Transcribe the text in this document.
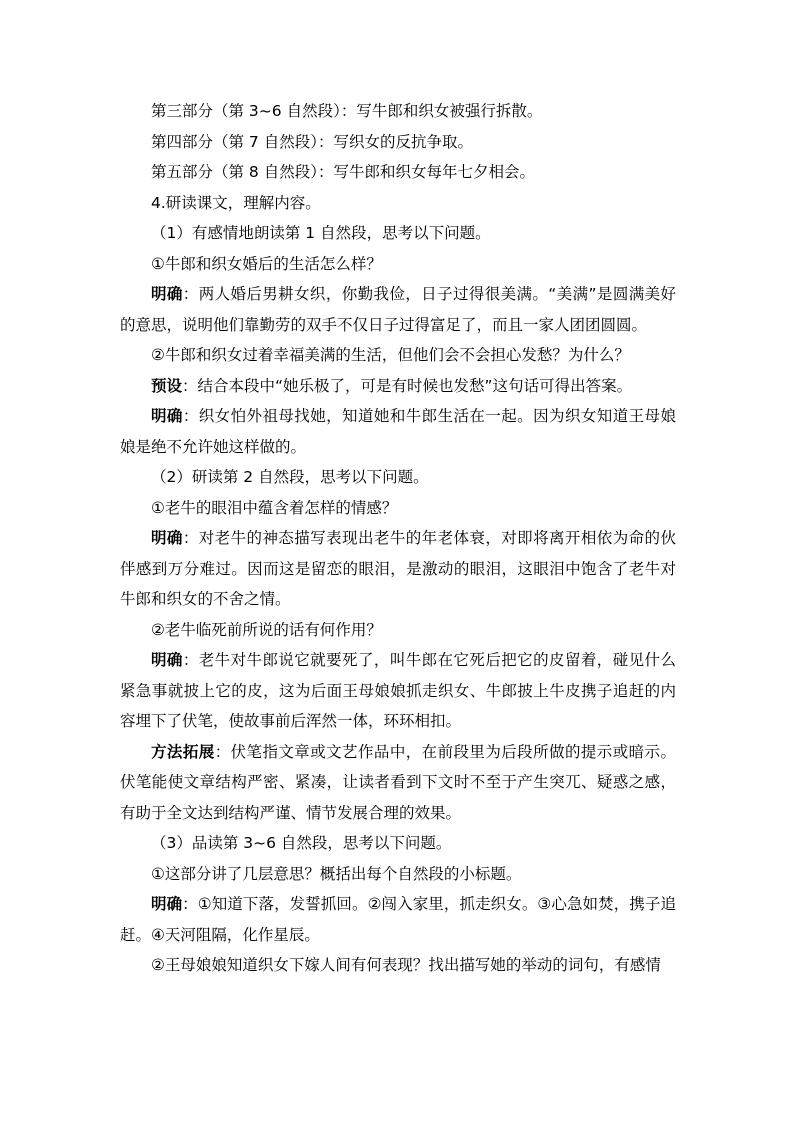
第三部分（第 3~6 自然段）：写牛郎和织女被强行拆散。

第四部分（第 7 自然段）：写织女的反抗争取。

第五部分（第 8 自然段）：写牛郎和织女每年七夕相会。

4.研读课文，理解内容。

（1）有感情地朗读第 1 自然段，思考以下问题。

①牛郎和织女婚后的生活怎么样？

明确：两人婚后男耕女织，你勤我俭，日子过得很美满。“美满”是圆满美好的意思，说明他们靠勤劳的双手不仅日子过得富足了，而且一家人团团圆圆。

②牛郎和织女过着幸福美满的生活，但他们会不会担心发愁？为什么？

预设：结合本段中“她乐极了，可是有时候也发愁”这句话可得出答案。

明确：织女怕外祖母找她，知道她和牛郎生活在一起。因为织女知道王母娘娘是绝不允许她这样做的。

（2）研读第 2 自然段，思考以下问题。

①老牛的眼泪中蕴含着怎样的情感？

明确：对老牛的神态描写表现出老牛的年老体衰，对即将离开相依为命的伙伴感到万分难过。因而这是留恋的眼泪，是激动的眼泪，这眼泪中饱含了老牛对牛郎和织女的不舍之情。

②老牛临死前所说的话有何作用？

明确：老牛对牛郎说它就要死了，叫牛郎在它死后把它的皮留着，碰见什么紧急事就披上它的皮，这为后面王母娘娘抓走织女、牛郎披上牛皮携子追赶的内容埋下了伏笔，使故事前后浑然一体，环环相扣。

方法拓展：伏笔指文章或文艺作品中，在前段里为后段所做的提示或暗示。伏笔能使文章结构严密、紧凑，让读者看到下文时不至于产生突兀、疑惑之感，有助于全文达到结构严谨、情节发展合理的效果。

（3）品读第 3~6 自然段，思考以下问题。

①这部分讲了几层意思？概括出每个自然段的小标题。

明确：①知道下落，发誓抓回。②闯入家里，抓走织女。③心急如焚，携子追赶。④天河阻隔，化作星辰。

②王母娘娘知道织女下嫁人间有何表现？找出描写她的举动的词句，有感情
